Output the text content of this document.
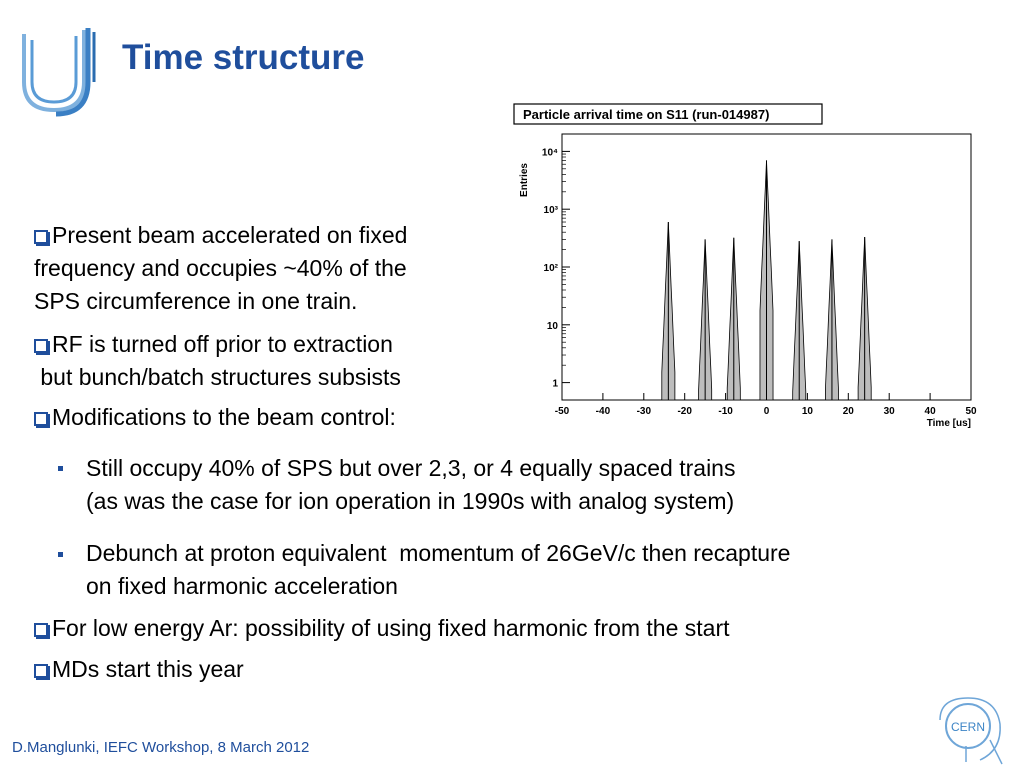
Time structure
Particle arrival time on S11 (run-014987)
Entries
Time [us]
-50	-40	-30	-20	-10	0	10	20	30	40	50
1
10
10²
10³
10⁴
Present beam accelerated on fixed
frequency and occupies ~40% of the
SPS circumference in one train.
RF is turned off prior to extraction
but bunch/batch structures subsists
Modifications to the beam control:
Still occupy 40% of SPS but over 2,3, or 4 equally spaced trains
(as was the case for ion operation in 1990s with analog system)
Debunch at proton equivalent  momentum of 26GeV/c then recapture
on fixed harmonic acceleration
For low energy Ar: possibility of using fixed harmonic from the start
MDs start this year
D.Manglunki, IEFC Workshop, 8 March 2012
CERN
